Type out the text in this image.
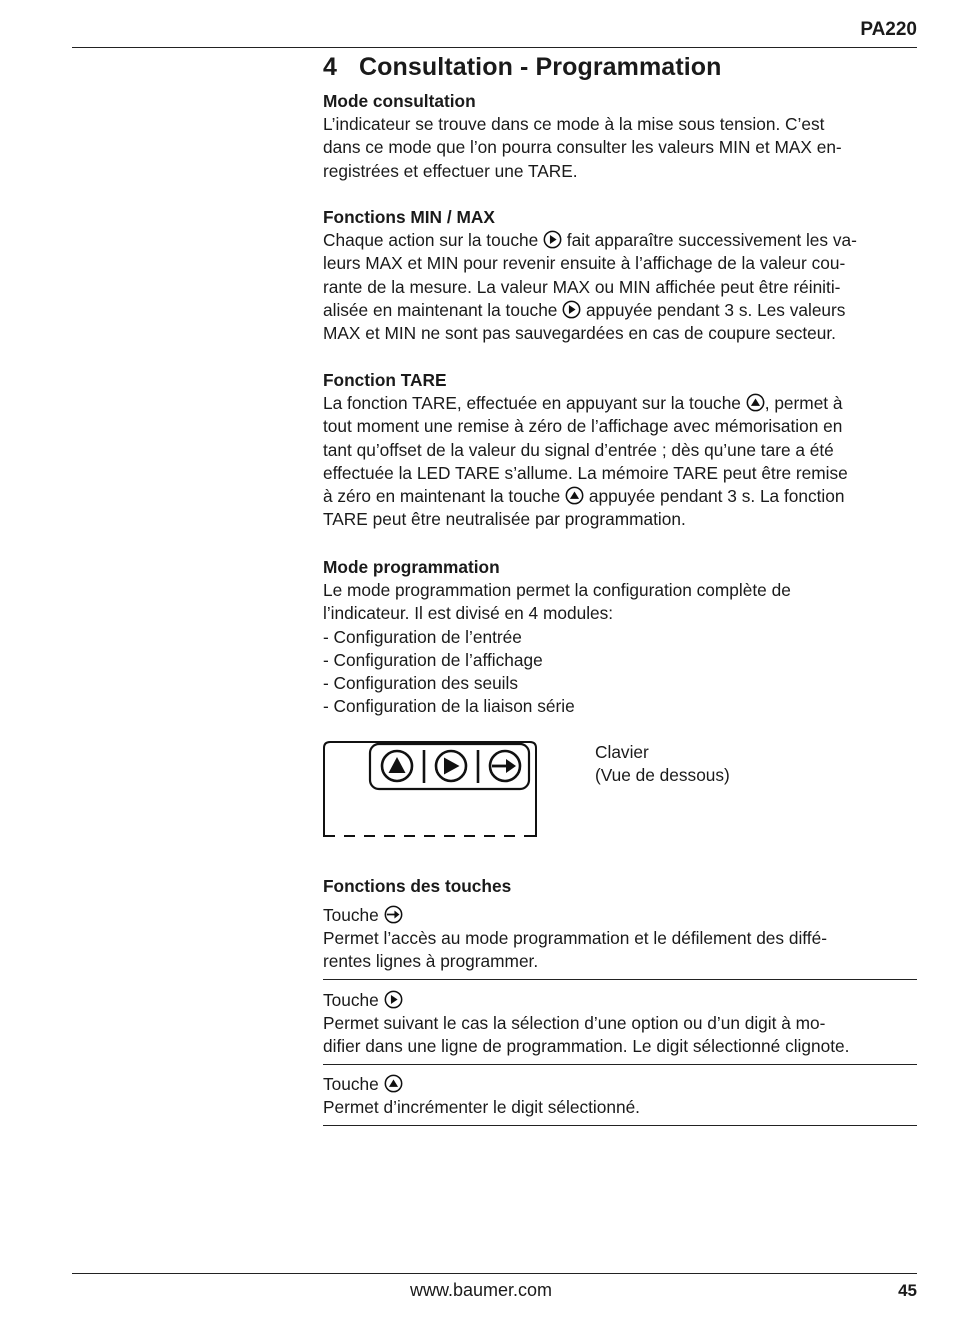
PA220
4 Consultation - Programmation

Mode consultation

L’indicateur se trouve dans ce mode à la mise sous tension. C’est

dans ce mode que l’on pourra consulter les valeurs MIN et MAX en-

registrées et effectuer une TARE.

Fonctions MIN / MAX

Chaque action sur la touche  fait apparaître successivement les va-

leurs MAX et MIN pour revenir ensuite à l’affichage de la valeur cou-

rante de la mesure. La valeur MAX ou MIN affichée peut être réiniti-

alisée en maintenant la touche  appuyée pendant 3 s. Les valeurs

MAX et MIN ne sont pas sauvegardées en cas de coupure secteur.

Fonction TARE

La fonction TARE, effectuée en appuyant sur la touche , permet à

tout moment une remise à zéro de l’affichage avec mémorisation en

tant qu’offset de la valeur du signal d’entrée ; dès qu’une tare a été

effectuée la LED TARE s’allume. La mémoire TARE peut être remise

à zéro en maintenant la touche  appuyée pendant 3 s. La fonction

TARE peut être neutralisée par programmation.

Mode programmation

Le mode programmation permet la configuration complète de

l’indicateur. Il est divisé en 4 modules:

- Configuration de l’entrée

- Configuration de l’affichage

- Configuration des seuils

- Configuration de la liaison série

Clavier
(Vue de dessous)

Fonctions des touches

Touche

Permet l’accès au mode programmation et le défilement des diffé-

rentes lignes à programmer.

Touche

Permet suivant le cas la sélection d’une option ou d’un digit à mo-

difier dans une ligne de programmation. Le digit sélectionné clignote.

Touche

Permet d’incrémenter le digit sélectionné.

www.baumer.com	45
